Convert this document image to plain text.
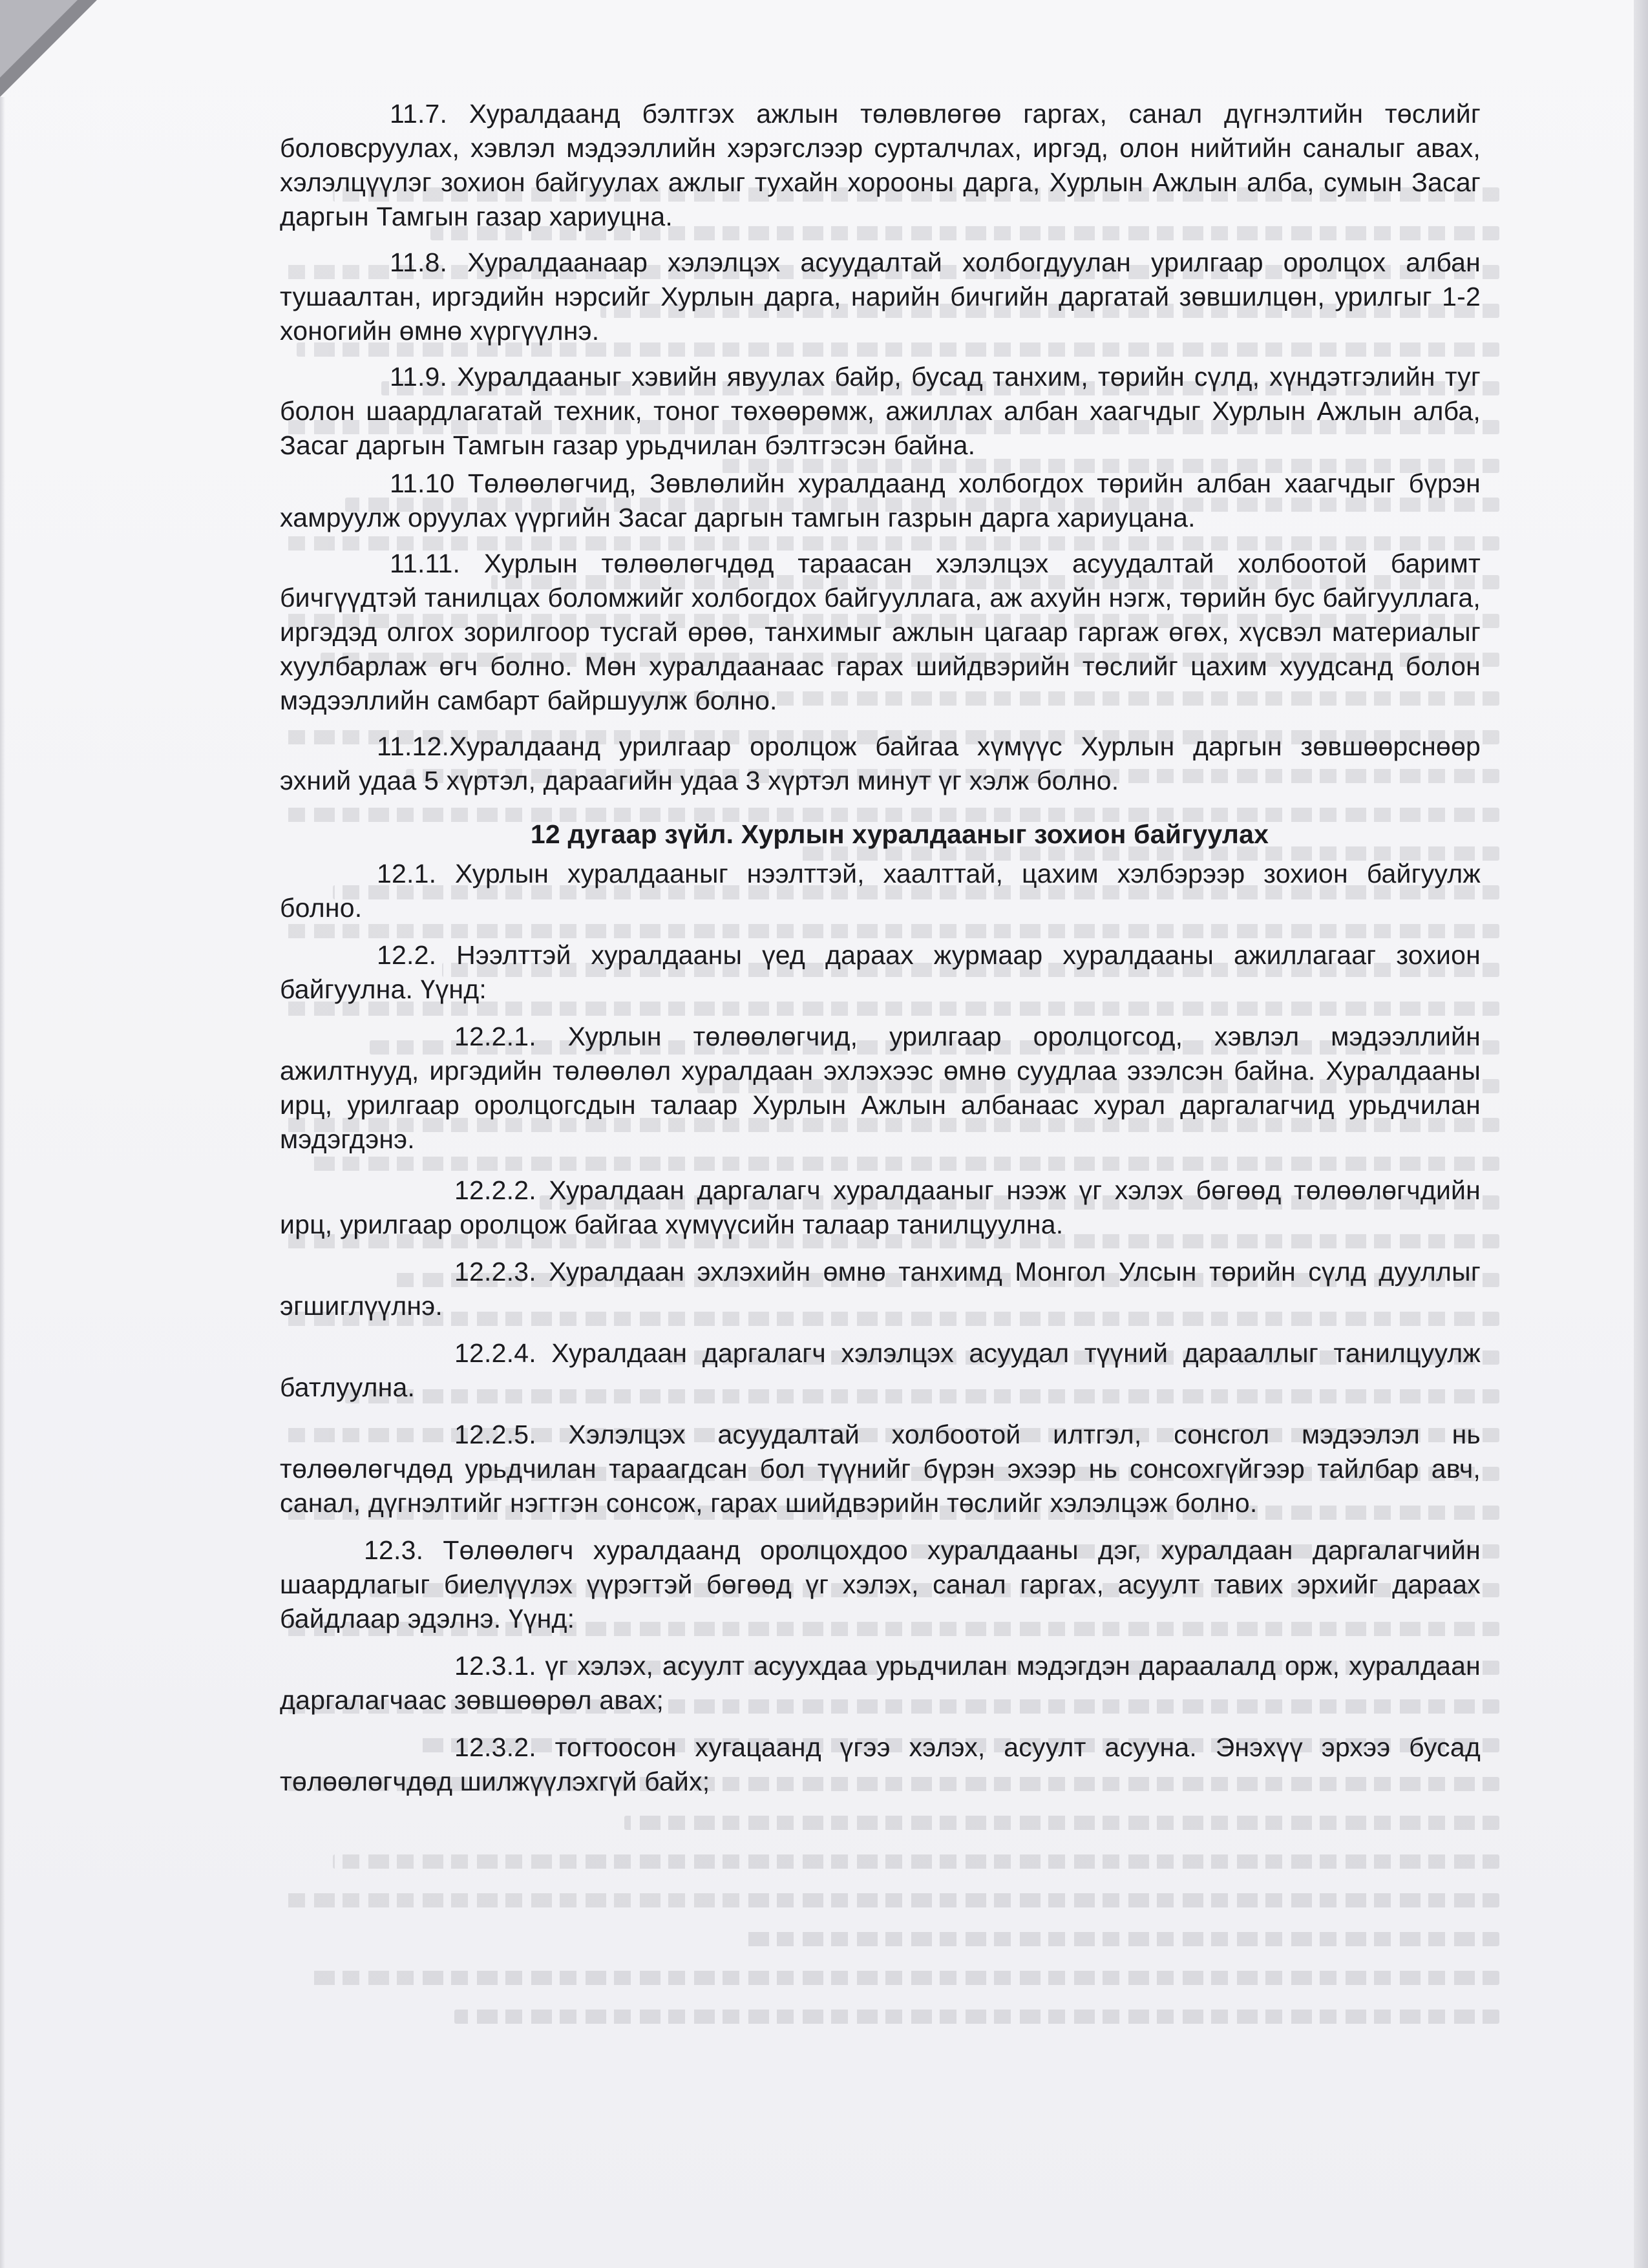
11.7. Хуралдаанд бэлтгэх ажлын төлөвлөгөө гаргах, санал дүгнэлтийн төслийг боловсруулах, хэвлэл мэдээллийн хэрэгслээр сурталчлах, иргэд, олон нийтийн саналыг авах, хэлэлцүүлэг зохион байгуулах ажлыг тухайн хорооны дарга, Хурлын Ажлын алба, сумын Засаг даргын Тамгын газар хариуцна.

11.8. Хуралдаанаар хэлэлцэх асуудалтай холбогдуулан урилгаар оролцох албан тушаалтан, иргэдийн нэрсийг Хурлын дарга, нарийн бичгийн даргатай зөвшилцөн, урилгыг 1-2 хоногийн өмнө хүргүүлнэ.

11.9. Хуралдааныг хэвийн явуулах байр, бусад танхим, төрийн сүлд, хүндэтгэлийн туг болон шаардлагатай техник, тоног төхөөрөмж, ажиллах албан хаагчдыг Хурлын Ажлын алба, Засаг даргын Тамгын газар урьдчилан бэлтгэсэн байна.

11.10 Төлөөлөгчид, Зөвлөлийн хуралдаанд холбогдох төрийн албан хаагчдыг бүрэн хамруулж оруулах үүргийн Засаг даргын тамгын газрын дарга хариуцана.

11.11. Хурлын төлөөлөгчдөд тараасан хэлэлцэх асуудалтай холбоотой баримт бичгүүдтэй танилцах боломжийг холбогдох байгууллага, аж ахуйн нэгж, төрийн бус байгууллага, иргэдэд олгох зорилгоор тусгай өрөө, танхимыг ажлын цагаар гаргаж өгөх, хүсвэл материалыг хуулбарлаж өгч болно. Мөн хуралдаанаас гарах шийдвэрийн төслийг цахим хуудсанд болон мэдээллийн самбарт байршуулж болно.

11.12.Хуралдаанд урилгаар оролцож байгаа хүмүүс Хурлын даргын зөвшөөрснөөр эхний удаа 5 хүртэл, дараагийн удаа 3 хүртэл минут үг хэлж болно.

12 дугаар зүйл. Хурлын хуралдааныг зохион байгуулах

12.1. Хурлын хуралдааныг нээлттэй, хаалттай, цахим хэлбэрээр зохион байгуулж болно.

12.2. Нээлттэй хуралдааны үед дараах журмаар хуралдааны ажиллагааг зохион байгуулна. Үүнд:

12.2.1. Хурлын төлөөлөгчид, урилгаар оролцогсод, хэвлэл мэдээллийн ажилтнууд, иргэдийн төлөөлөл хуралдаан эхлэхээс өмнө суудлаа эзэлсэн байна. Хуралдааны ирц, урилгаар оролцогсдын талаар Хурлын Ажлын албанаас хурал даргалагчид урьдчилан мэдэгдэнэ.

12.2.2. Хуралдаан даргалагч хуралдааныг нээж үг хэлэх бөгөөд төлөөлөгчдийн ирц, урилгаар оролцож байгаа хүмүүсийн талаар танилцуулна.

12.2.3. Хуралдаан эхлэхийн өмнө танхимд Монгол Улсын төрийн сүлд дууллыг эгшиглүүлнэ.

12.2.4. Хуралдаан даргалагч хэлэлцэх асуудал түүний дарааллыг танилцуулж батлуулна.

12.2.5. Хэлэлцэх асуудалтай холбоотой илтгэл, сонсгол мэдээлэл нь төлөөлөгчдөд урьдчилан тараагдсан бол түүнийг бүрэн эхээр нь сонсохгүйгээр тайлбар авч, санал, дүгнэлтийг нэгтгэн сонсож, гарах шийдвэрийн төслийг хэлэлцэж болно.

12.3. Төлөөлөгч хуралдаанд оролцохдоо хуралдааны дэг, хуралдаан даргалагчийн шаардлагыг биелүүлэх үүрэгтэй бөгөөд үг хэлэх, санал гаргах, асуулт тавих эрхийг дараах байдлаар эдэлнэ. Үүнд:

12.3.1. үг хэлэх, асуулт асуухдаа урьдчилан мэдэгдэн дараалалд орж, хуралдаан даргалагчаас зөвшөөрөл авах;

12.3.2. тогтоосон хугацаанд үгээ хэлэх, асуулт асууна. Энэхүү эрхээ бусад төлөөлөгчдөд шилжүүлэхгүй байх;
